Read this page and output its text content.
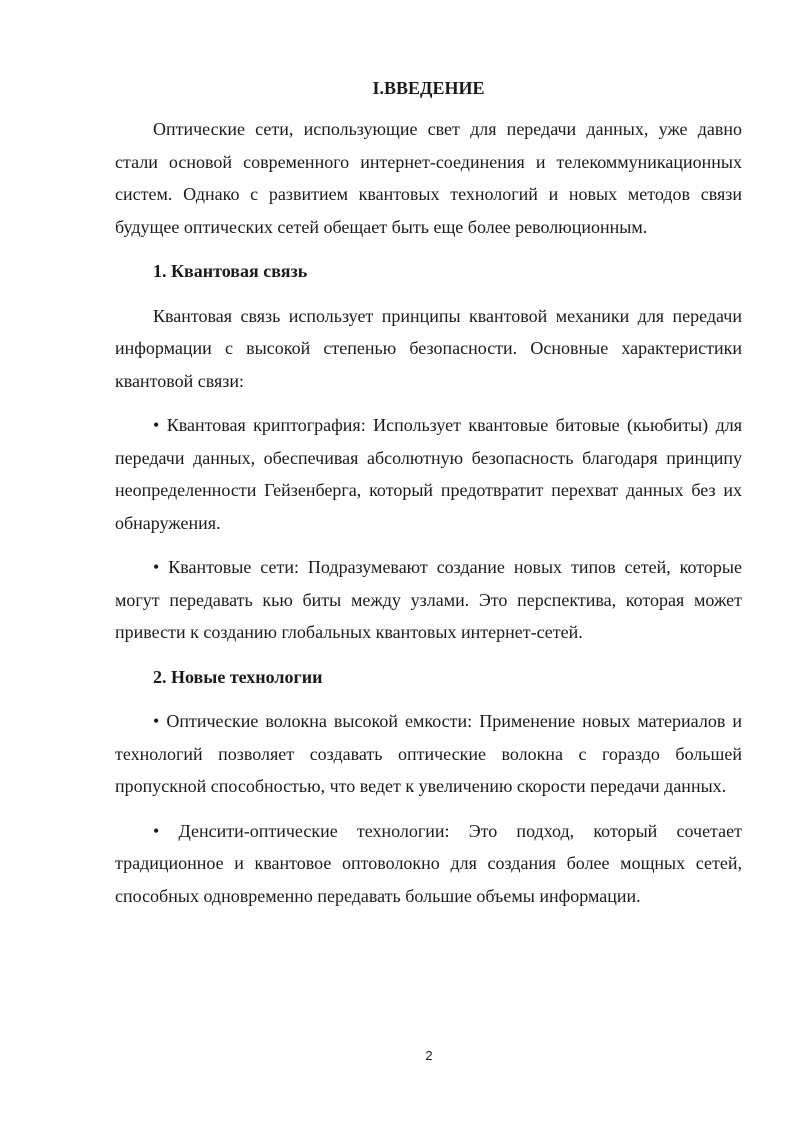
I.ВВЕДЕНИЕ

Оптические сети, использующие свет для передачи данных, уже давно стали основой современного интернет-соединения и телекоммуникационных систем. Однако с развитием квантовых технологий и новых методов связи будущее оптических сетей обещает быть еще более революционным.

1. Квантовая связь

Квантовая связь использует принципы квантовой механики для передачи информации с высокой степенью безопасности. Основные характеристики квантовой связи:

• Квантовая криптография: Использует квантовые битовые (кьюбиты) для передачи данных, обеспечивая абсолютную безопасность благодаря принципу неопределенности Гейзенберга, который предотвратит перехват данных без их обнаружения.

• Квантовые сети: Подразумевают создание новых типов сетей, которые могут передавать кью биты между узлами. Это перспектива, которая может привести к созданию глобальных квантовых интернет-сетей.

2. Новые технологии

• Оптические волокна высокой емкости: Применение новых материалов и технологий позволяет создавать оптические волокна с гораздо большей пропускной способностью, что ведет к увеличению скорости передачи данных.

• Денсити-оптические технологии: Это подход, который сочетает традиционное и квантовое оптоволокно для создания более мощных сетей, способных одновременно передавать большие объемы информации.

2
